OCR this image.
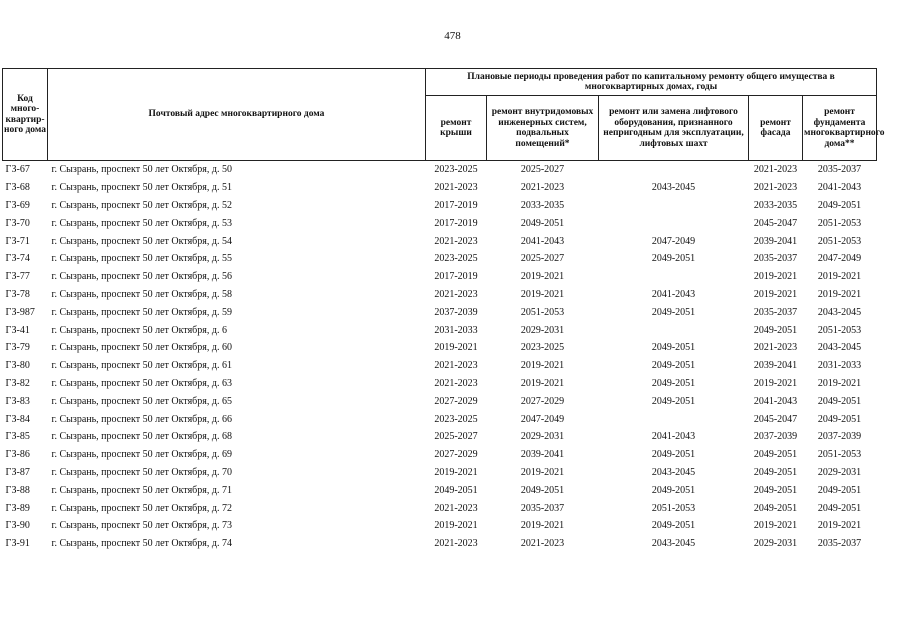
478
Код много-квартир-ного дома	Почтовый адрес многоквартирного дома	Плановые периоды проведения работ по капитальному ремонту общего имущества в многоквартирных домах, годы				
		ремонт крыши	ремонт внутридомовых инженерных систем, подвальных помещений*	ремонт или замена лифтового оборудования, признанного непригодным для эксплуатации, лифтовых шахт	ремонт фасада	ремонт фундамента многоквартирного дома**
ГЗ-67	г. Сызрань, проспект 50 лет Октября, д. 50	2023-2025	2025-2027		2021-2023	2035-2037
ГЗ-68	г. Сызрань, проспект 50 лет Октября, д. 51	2021-2023	2021-2023	2043-2045	2021-2023	2041-2043
ГЗ-69	г. Сызрань, проспект 50 лет Октября, д. 52	2017-2019	2033-2035		2033-2035	2049-2051
ГЗ-70	г. Сызрань, проспект 50 лет Октября, д. 53	2017-2019	2049-2051		2045-2047	2051-2053
ГЗ-71	г. Сызрань, проспект 50 лет Октября, д. 54	2021-2023	2041-2043	2047-2049	2039-2041	2051-2053
ГЗ-74	г. Сызрань, проспект 50 лет Октября, д. 55	2023-2025	2025-2027	2049-2051	2035-2037	2047-2049
ГЗ-77	г. Сызрань, проспект 50 лет Октября, д. 56	2017-2019	2019-2021		2019-2021	2019-2021
ГЗ-78	г. Сызрань, проспект 50 лет Октября, д. 58	2021-2023	2019-2021	2041-2043	2019-2021	2019-2021
ГЗ-987	г. Сызрань, проспект 50 лет Октября, д. 59	2037-2039	2051-2053	2049-2051	2035-2037	2043-2045
ГЗ-41	г. Сызрань, проспект 50 лет Октября, д. 6	2031-2033	2029-2031		2049-2051	2051-2053
ГЗ-79	г. Сызрань, проспект 50 лет Октября, д. 60	2019-2021	2023-2025	2049-2051	2021-2023	2043-2045
ГЗ-80	г. Сызрань, проспект 50 лет Октября, д. 61	2021-2023	2019-2021	2049-2051	2039-2041	2031-2033
ГЗ-82	г. Сызрань, проспект 50 лет Октября, д. 63	2021-2023	2019-2021	2049-2051	2019-2021	2019-2021
ГЗ-83	г. Сызрань, проспект 50 лет Октября, д. 65	2027-2029	2027-2029	2049-2051	2041-2043	2049-2051
ГЗ-84	г. Сызрань, проспект 50 лет Октября, д. 66	2023-2025	2047-2049		2045-2047	2049-2051
ГЗ-85	г. Сызрань, проспект 50 лет Октября, д. 68	2025-2027	2029-2031	2041-2043	2037-2039	2037-2039
ГЗ-86	г. Сызрань, проспект 50 лет Октября, д. 69	2027-2029	2039-2041	2049-2051	2049-2051	2051-2053
ГЗ-87	г. Сызрань, проспект 50 лет Октября, д. 70	2019-2021	2019-2021	2043-2045	2049-2051	2029-2031
ГЗ-88	г. Сызрань, проспект 50 лет Октября, д. 71	2049-2051	2049-2051	2049-2051	2049-2051	2049-2051
ГЗ-89	г. Сызрань, проспект 50 лет Октября, д. 72	2021-2023	2035-2037	2051-2053	2049-2051	2049-2051
ГЗ-90	г. Сызрань, проспект 50 лет Октября, д. 73	2019-2021	2019-2021	2049-2051	2019-2021	2019-2021
ГЗ-91	г. Сызрань, проспект 50 лет Октября, д. 74	2021-2023	2021-2023	2043-2045	2029-2031	2035-2037
